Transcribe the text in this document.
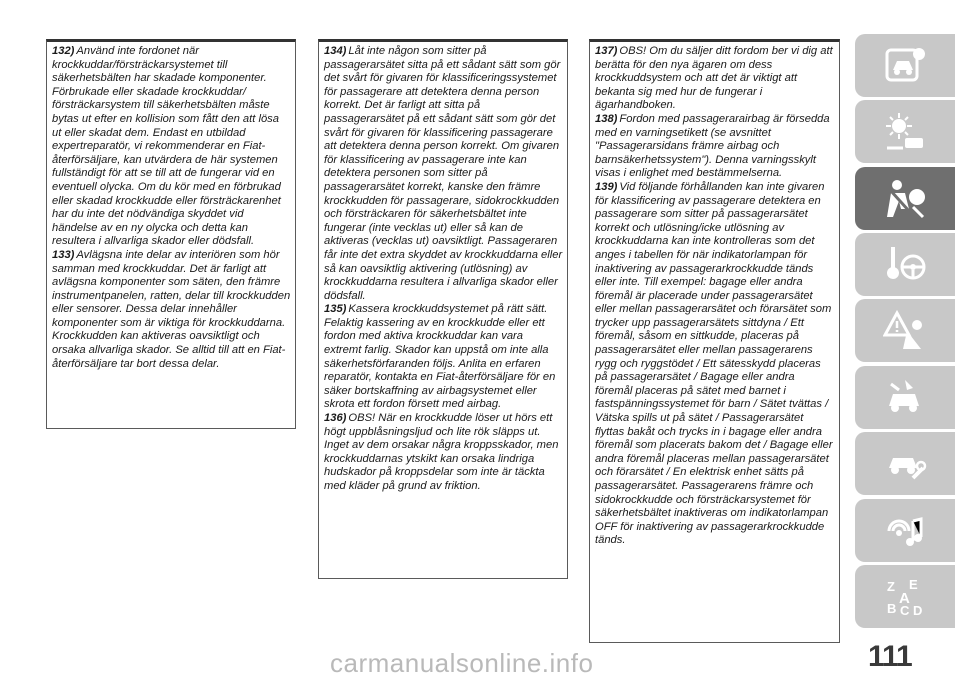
132) Använd inte fordonet när krockkuddar/försträckarsystemet till säkerhetsbälten har skadade komponenter. Förbrukade eller skadade krockkuddar/ försträckarsystem till säkerhetsbälten måste bytas ut efter en kollision som fått den att lösa ut eller skadat dem. Endast en utbildad expertreparatör, vi rekommenderar en Fiat-återförsäljare, kan utvärdera de här systemen fullständigt för att se till att de fungerar vid en eventuell olycka. Om du kör med en förbrukad eller skadad krockkudde eller försträckarenhet har du inte det nödvändiga skyddet vid händelse av en ny olycka och detta kan resultera i allvarliga skador eller dödsfall.

133) Avlägsna inte delar av interiören som hör samman med krockkuddar. Det är farligt att avlägsna komponenter som säten, den främre instrumentpanelen, ratten, delar till krockkudden eller sensorer. Dessa delar innehåller komponenter som är viktiga för krockkuddarna. Krockkudden kan aktiveras oavsiktligt och orsaka allvarliga skador. Se alltid till att en Fiat-återförsäljare tar bort dessa delar.

134) Låt inte någon som sitter på passagerarsätet sitta på ett sådant sätt som gör det svårt för givaren för klassificeringssystemet för passagerare att detektera denna person korrekt. Det är farligt att sitta på passagerarsätet på ett sådant sätt som gör det svårt för givaren för klassificering passagerare att detektera denna person korrekt. Om givaren för klassificering av passagerare inte kan detektera personen som sitter på passagerarsätet korrekt, kanske den främre krockkudden för passagerare, sidokrockkudden och försträckaren för säkerhetsbältet inte fungerar (inte vecklas ut) eller så kan de aktiveras (vecklas ut) oavsiktligt. Passageraren får inte det extra skyddet av krockkuddarna eller så kan oavsiktlig aktivering (utlösning) av krockkuddarna resultera i allvarliga skador eller dödsfall.

135) Kassera krockkuddsystemet på rätt sätt. Felaktig kassering av en krockkudde eller ett fordon med aktiva krockkuddar kan vara extremt farlig. Skador kan uppstå om inte alla säkerhetsförfaranden följs. Anlita en erfaren reparatör, kontakta en Fiat-återförsäljare för en säker bortskaffning av airbagsystemet eller skrota ett fordon försett med airbag.

136) OBS! När en krockkudde löser ut hörs ett högt uppblåsningsljud och lite rök släpps ut. Inget av dem orsakar några kroppsskador, men krockkuddarnas ytskikt kan orsaka lindriga hudskador på kroppsdelar som inte är täckta med kläder på grund av friktion.

137) OBS! Om du säljer ditt fordom ber vi dig att berätta för den nya ägaren om dess krockkuddsystem och att det är viktigt att bekanta sig med hur de fungerar i ägarhandboken.

138) Fordon med passagerarairbag är försedda med en varningsetikett (se avsnittet "Passagerarsidans främre airbag och barnsäkerhetssystem"). Denna varningsskylt visas i enlighet med bestämmelserna.

139) Vid följande förhållanden kan inte givaren för klassificering av passagerare detektera en passagerare som sitter på passagerarsätet korrekt och utlösning/icke utlösning av krockkuddarna kan inte kontrolleras som det anges i tabellen för när indikatorlampan för inaktivering av passagerarkrockkudde tänds eller inte. Till exempel: bagage eller andra föremål är placerade under passagerarsätet eller mellan passagerarsätet och förarsätet som trycker upp passagerarsätets sittdyna / Ett föremål, såsom en sittkudde, placeras på passagerarsätet eller mellan passagerarens rygg och ryggstödet / Ett sätesskydd placeras på passagerarsätet / Bagage eller andra föremål placeras på sätet med barnet i fastspänningssystemet för barn / Sätet tvättas / Vätska spills ut på sätet / Passagerarsätet flyttas bakåt och trycks in i bagage eller andra föremål som placerats bakom det / Bagage eller andra föremål placeras mellan passagerarsätet och förarsätet / En elektrisk enhet sätts på passagerarsätet. Passagerarens främre och sidokrockkudde och försträckarsystemet för säkerhetsbältet inaktiveras om indikatorlampan OFF för inaktivering av passagerarkrockkudde tänds.

Z E
B C D
A
111
carmanualsonline.info
